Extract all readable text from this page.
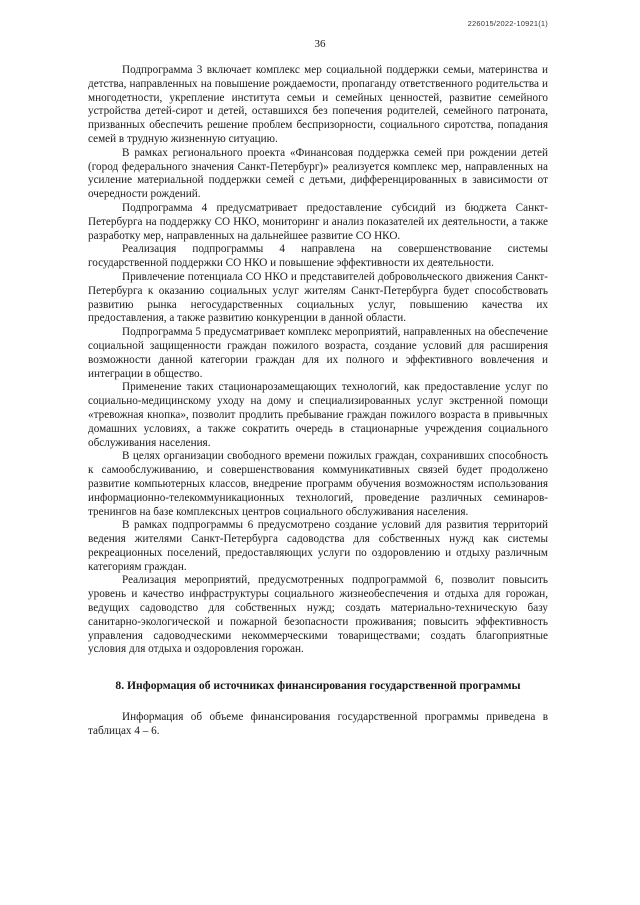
226015/2022-10921(1)
36

Подпрограмма 3 включает комплекс мер социальной поддержки семьи, материнства и детства, направленных на повышение рождаемости, пропаганду ответственного родительства и многодетности, укрепление института семьи и семейных ценностей, развитие семейного устройства детей-сирот и детей, оставшихся без попечения родителей, семейного патроната, призванных обеспечить решение проблем беспризорности, социального сиротства, попадания семей в трудную жизненную ситуацию.

В рамках регионального проекта «Финансовая поддержка семей при рождении детей (город федерального значения Санкт-Петербург)» реализуется комплекс мер, направленных на усиление материальной поддержки семей с детьми, дифференцированных в зависимости от очередности рождений.

Подпрограмма 4 предусматривает предоставление субсидий из бюджета Санкт-Петербурга на поддержку СО НКО, мониторинг и анализ показателей их деятельности, а также разработку мер, направленных на дальнейшее развитие СО НКО.

Реализация подпрограммы 4 направлена на совершенствование системы государственной поддержки СО НКО и повышение эффективности их деятельности.

Привлечение потенциала СО НКО и представителей добровольческого движения Санкт-Петербурга к оказанию социальных услуг жителям Санкт-Петербурга будет способствовать развитию рынка негосударственных социальных услуг, повышению качества их предоставления, а также развитию конкуренции в данной области.

Подпрограмма 5 предусматривает комплекс мероприятий, направленных на обеспечение социальной защищенности граждан пожилого возраста, создание условий для расширения возможности данной категории граждан для их полного и эффективного вовлечения и интеграции в общество.

Применение таких стационарозамещающих технологий, как предоставление услуг по социально-медицинскому уходу на дому и специализированных услуг экстренной помощи «тревожная кнопка», позволит продлить пребывание граждан пожилого возраста в привычных домашних условиях, а также сократить очередь в стационарные учреждения социального обслуживания населения.

В целях организации свободного времени пожилых граждан, сохранивших способность к самообслуживанию, и совершенствования коммуникативных связей будет продолжено развитие компьютерных классов, внедрение программ обучения возможностям использования информационно-телекоммуникационных технологий, проведение различных семинаров-тренингов на базе комплексных центров социального обслуживания населения.

В рамках подпрограммы 6 предусмотрено создание условий для развития территорий ведения жителями Санкт-Петербурга садоводства для собственных нужд как системы рекреационных поселений, предоставляющих услуги по оздоровлению и отдыху различным категориям граждан.

Реализация мероприятий, предусмотренных подпрограммой 6, позволит повысить уровень и качество инфраструктуры социального жизнеобеспечения и отдыха для горожан, ведущих садоводство для собственных нужд; создать материально-техническую базу санитарно-экологической и пожарной безопасности проживания; повысить эффективность управления садоводческими некоммерческими товариществами; создать благоприятные условия для отдыха и оздоровления горожан.

8. Информация об источниках финансирования государственной программы

Информация об объеме финансирования государственной программы приведена в таблицах 4 – 6.
